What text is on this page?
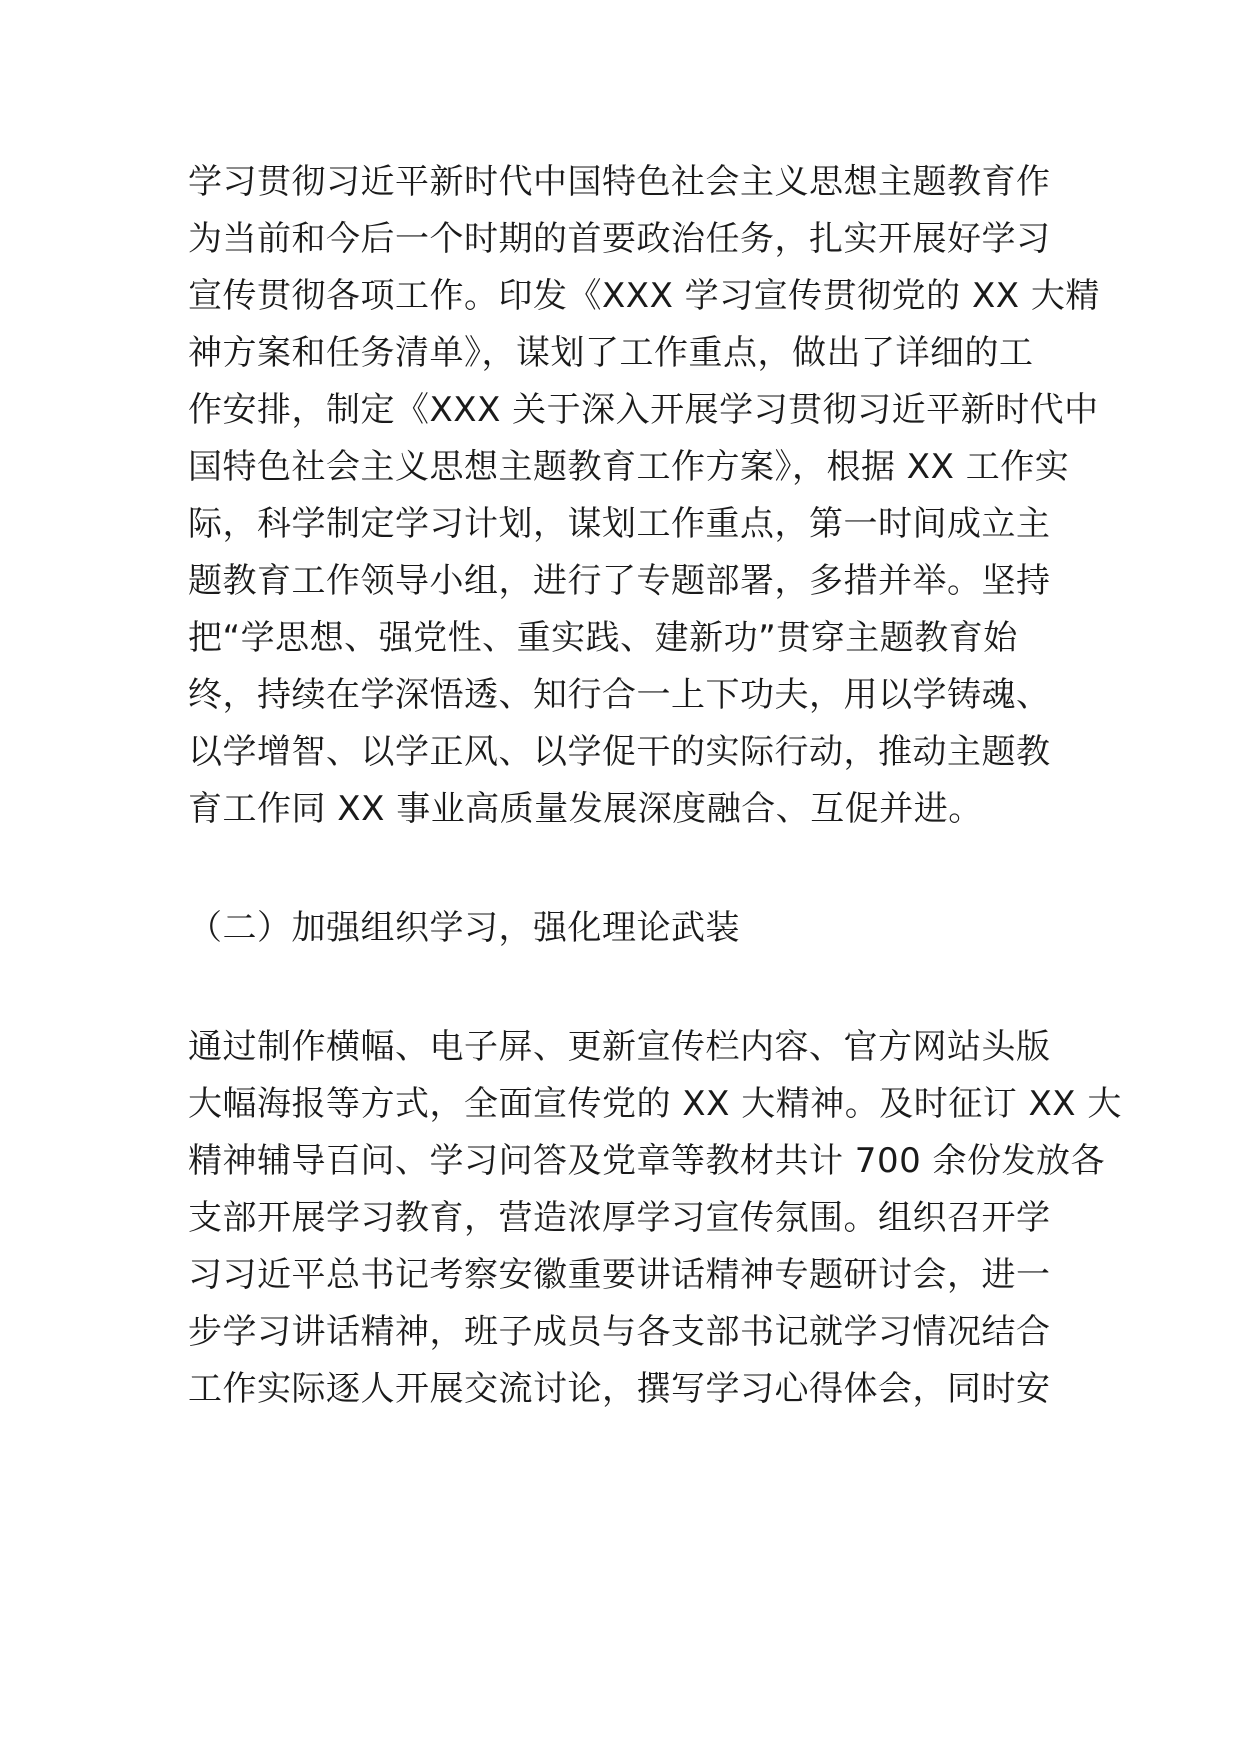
学习贯彻习近平新时代中国特色社会主义思想主题教育作
为当前和今后一个时期的首要政治任务，扎实开展好学习
宣传贯彻各项工作。印发《XXX 学习宣传贯彻党的 XX 大精
神方案和任务清单》，谋划了工作重点，做出了详细的工
作安排，制定《XXX 关于深入开展学习贯彻习近平新时代中
国特色社会主义思想主题教育工作方案》，根据 XX 工作实
际，科学制定学习计划，谋划工作重点，第一时间成立主
题教育工作领导小组，进行了专题部署，多措并举。坚持
把“学思想、强党性、重实践、建新功”贯穿主题教育始
终，持续在学深悟透、知行合一上下功夫，用以学铸魂、
以学增智、以学正风、以学促干的实际行动，推动主题教
育工作同 XX 事业高质量发展深度融合、互促并进。
（二）加强组织学习，强化理论武装
通过制作横幅、电子屏、更新宣传栏内容、官方网站头版
大幅海报等方式，全面宣传党的 XX 大精神。及时征订 XX 大
精神辅导百问、学习问答及党章等教材共计 700 余份发放各
支部开展学习教育，营造浓厚学习宣传氛围。组织召开学
习习近平总书记考察安徽重要讲话精神专题研讨会，进一
步学习讲话精神，班子成员与各支部书记就学习情况结合
工作实际逐人开展交流讨论，撰写学习心得体会，同时安
